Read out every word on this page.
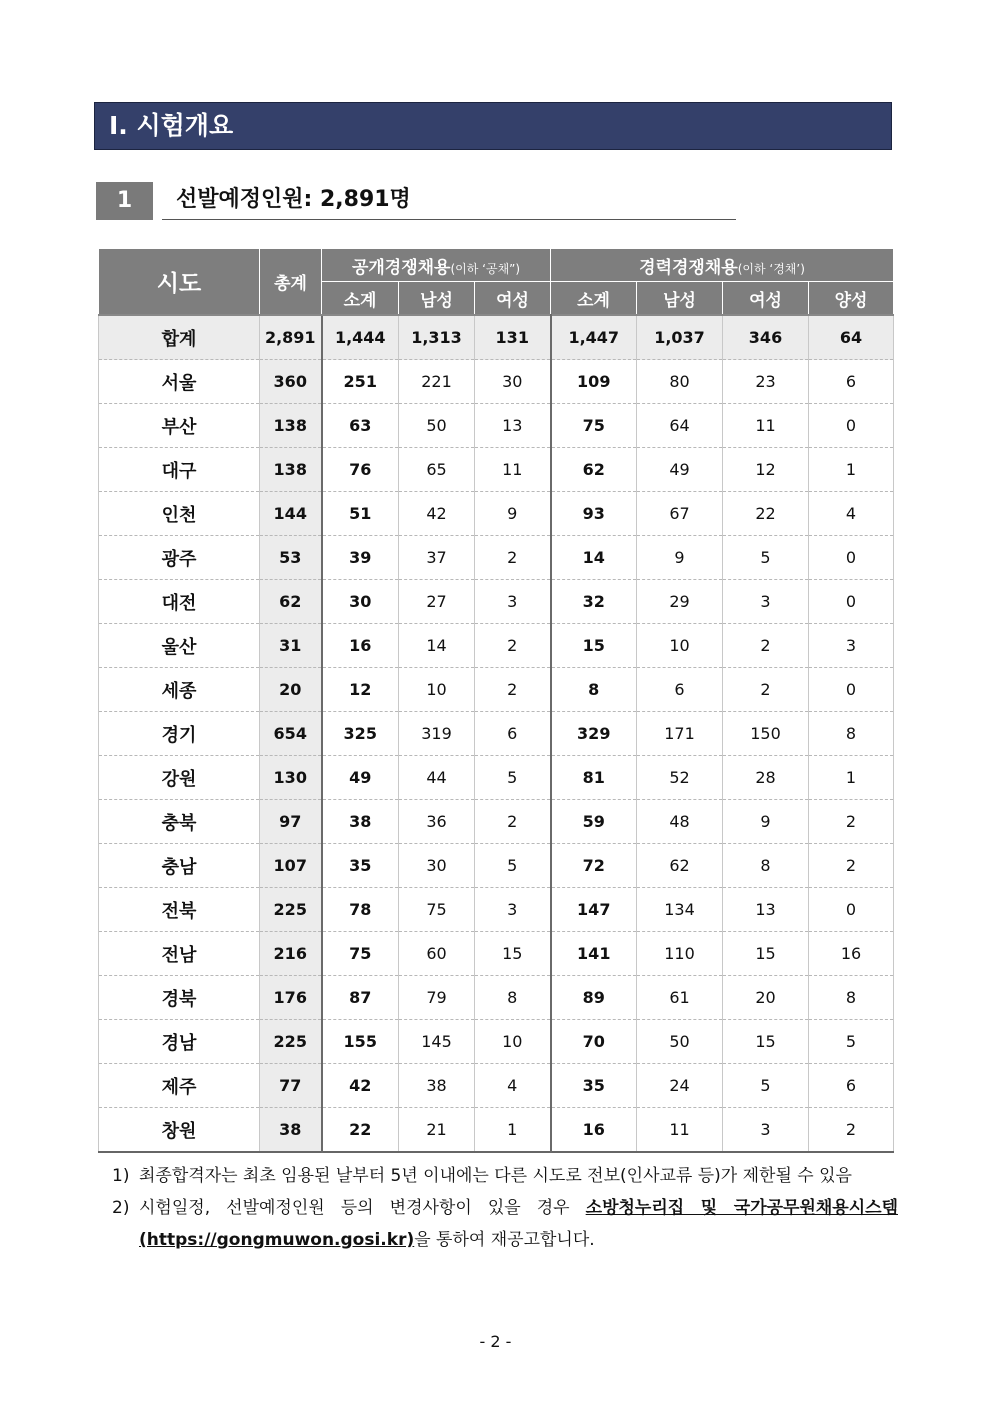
Ⅰ. 시험개요
1	선발예정인원: 2,891명
시도	총계	공개경쟁채용(이하 ‘공채”)			경력경쟁채용(이하 ‘경채’)			
		소계	남성	여성	소계	남성	여성	양성
합계	2,891	1,444	1,313	131	1,447	1,037	346	64
서울	360	251	221	30	109	80	23	6
부산	138	63	50	13	75	64	11	0
대구	138	76	65	11	62	49	12	1
인천	144	51	42	9	93	67	22	4
광주	53	39	37	2	14	9	5	0
대전	62	30	27	3	32	29	3	0
울산	31	16	14	2	15	10	2	3
세종	20	12	10	2	8	6	2	0
경기	654	325	319	6	329	171	150	8
강원	130	49	44	5	81	52	28	1
충북	97	38	36	2	59	48	9	2
충남	107	35	30	5	72	62	8	2
전북	225	78	75	3	147	134	13	0
전남	216	75	60	15	141	110	15	16
경북	176	87	79	8	89	61	20	8
경남	225	155	145	10	70	50	15	5
제주	77	42	38	4	35	24	5	6
창원	38	22	21	1	16	11	3	2
1) 최종합격자는 최초 임용된 날부터 5년 이내에는 다른 시도로 전보(인사교류 등)가 제한될 수 있음
2) 시험일정, 선발예정인원 등의 변경사항이 있을 경우 소방청누리집 및 국가공무원채용시스템 (https://gongmuwon.gosi.kr)을 통하여 재공고합니다.
- 2 -
